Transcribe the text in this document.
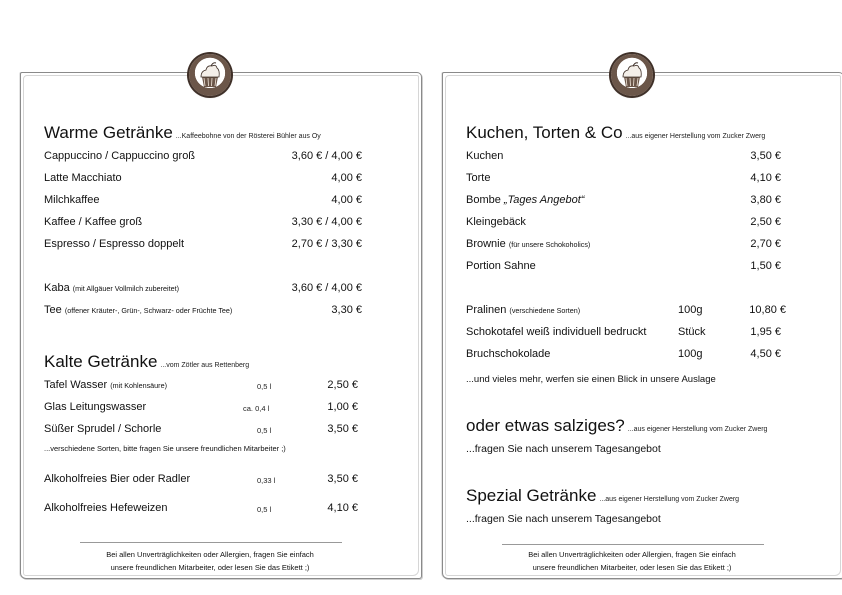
Warme Getränke ...Kaffeebohne von der Rösterei Bühler aus Oy
Cappuccino / Cappuccino groß	3,60 € / 4,00 €
Latte Macchiato	4,00 €
Milchkaffee	4,00 €
Kaffee / Kaffee groß	3,30 € / 4,00 €
Espresso / Espresso doppelt	2,70 € / 3,30 €
Kaba (mit Allgäuer Vollmilch zubereitet)	3,60 € / 4,00 €
Tee (offener Kräuter-, Grün-, Schwarz- oder Früchte Tee)	3,30 €
Kalte Getränke ...vom Zötler aus Rettenberg
Tafel Wasser (mit Kohlensäure)	0,5 l	2,50 €
Glas Leitungswasser	ca. 0,4 l	1,00 €
Süßer Sprudel / Schorle	0,5 l	3,50 €
...verschiedene Sorten, bitte fragen Sie unsere freundlichen Mitarbeiter ;)
Alkoholfreies Bier oder Radler	0,33 l	3,50 €
Alkoholfreies Hefeweizen	0,5 l	4,10 €
Bei allen Unverträglichkeiten oder Allergien, fragen Sie einfach
unsere freundlichen Mitarbeiter, oder lesen Sie das Etikett ;)
Kuchen, Torten & Co ...aus eigener Herstellung vom Zucker Zwerg
Kuchen	3,50 €
Torte	4,10 €
Bombe „Tages Angebot“	3,80 €
Kleingebäck	2,50 €
Brownie (für unsere Schokoholics)	2,70 €
Portion Sahne	1,50 €
Pralinen (verschiedene Sorten)	100g	10,80 €
Schokotafel weiß individuell bedruckt	Stück	1,95 €
Bruchschokolade	100g	4,50 €
...und vieles mehr, werfen sie einen Blick in unsere Auslage
oder etwas salziges? ...aus eigener Herstellung vom Zucker Zwerg
...fragen Sie nach unserem Tagesangebot
Spezial Getränke ...aus eigener Herstellung vom Zucker Zwerg
...fragen Sie nach unserem Tagesangebot
Bei allen Unverträglichkeiten oder Allergien, fragen Sie einfach
unsere freundlichen Mitarbeiter, oder lesen Sie das Etikett ;)
